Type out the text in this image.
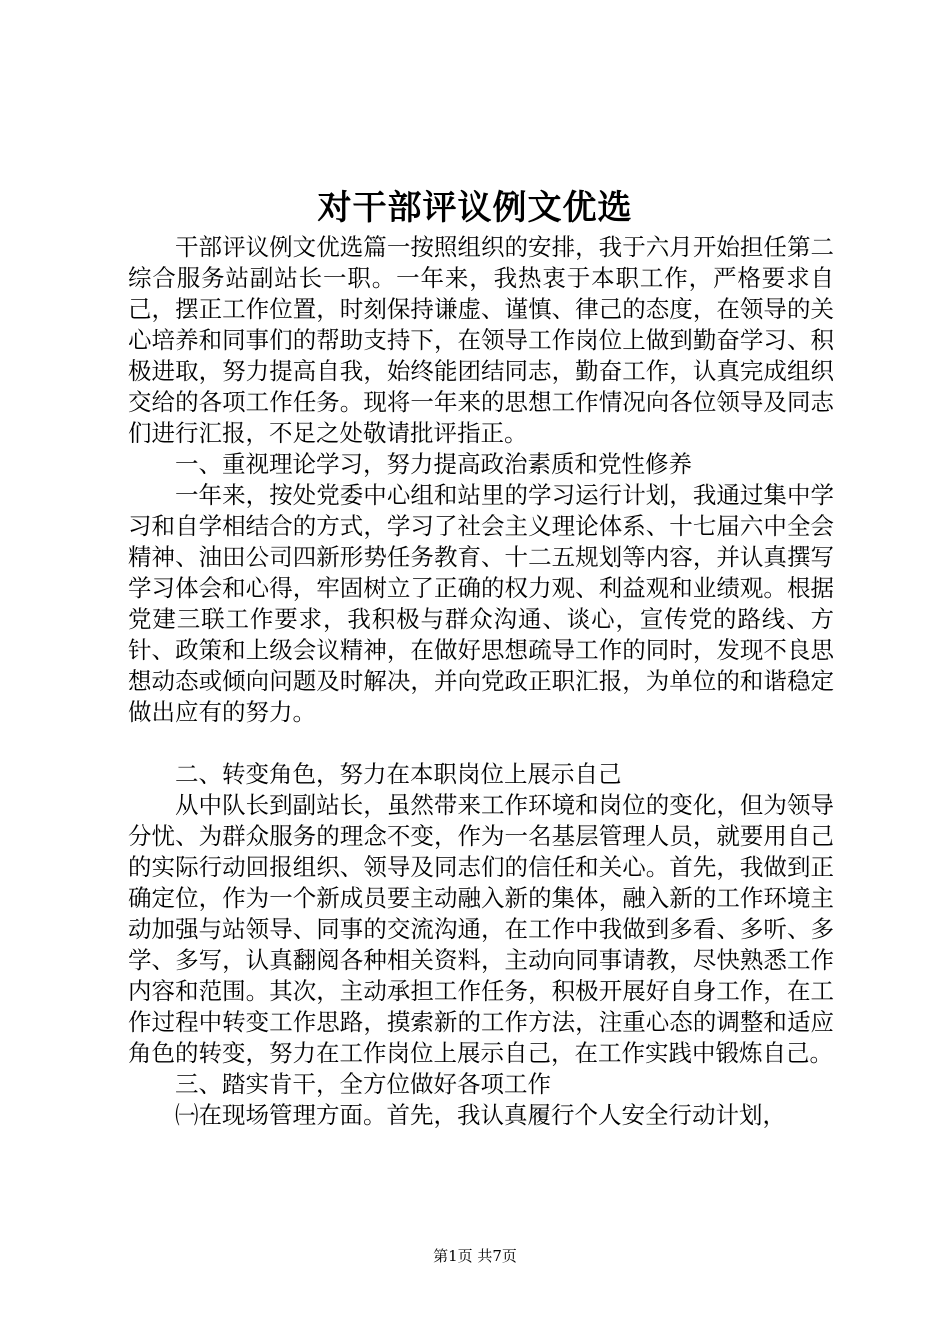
对干部评议例文优选

干部评议例文优选篇一按照组织的安排，我于六月开始担任第二综合服务站副站长一职。一年来，我热衷于本职工作，严格要求自己，摆正工作位置，时刻保持谦虚、谨慎、律己的态度，在领导的关心培养和同事们的帮助支持下，在领导工作岗位上做到勤奋学习、积极进取，努力提高自我，始终能团结同志，勤奋工作，认真完成组织交给的各项工作任务。现将一年来的思想工作情况向各位领导及同志们进行汇报，不足之处敬请批评指正。

一、重视理论学习，努力提高政治素质和党性修养

一年来，按处党委中心组和站里的学习运行计划，我通过集中学习和自学相结合的方式，学习了社会主义理论体系、十七届六中全会精神、油田公司四新形势任务教育、十二五规划等内容，并认真撰写学习体会和心得，牢固树立了正确的权力观、利益观和业绩观。根据党建三联工作要求，我积极与群众沟通、谈心，宣传党的路线、方针、政策和上级会议精神，在做好思想疏导工作的同时，发现不良思想动态或倾向问题及时解决，并向党政正职汇报，为单位的和谐稳定做出应有的努力。

二、转变角色，努力在本职岗位上展示自己

从中队长到副站长，虽然带来工作环境和岗位的变化，但为领导分忧、为群众服务的理念不变，作为一名基层管理人员，就要用自己的实际行动回报组织、领导及同志们的信任和关心。首先，我做到正确定位，作为一个新成员要主动融入新的集体，融入新的工作环境主动加强与站领导、同事的交流沟通，在工作中我做到多看、多听、多学、多写，认真翻阅各种相关资料，主动向同事请教，尽快熟悉工作内容和范围。其次，主动承担工作任务，积极开展好自身工作，在工作过程中转变工作思路，摸索新的工作方法，注重心态的调整和适应角色的转变，努力在工作岗位上展示自己，在工作实践中锻炼自己。

三、踏实肯干，全方位做好各项工作

㈠在现场管理方面。首先，我认真履行个人安全行动计划，

第1页 共7页
